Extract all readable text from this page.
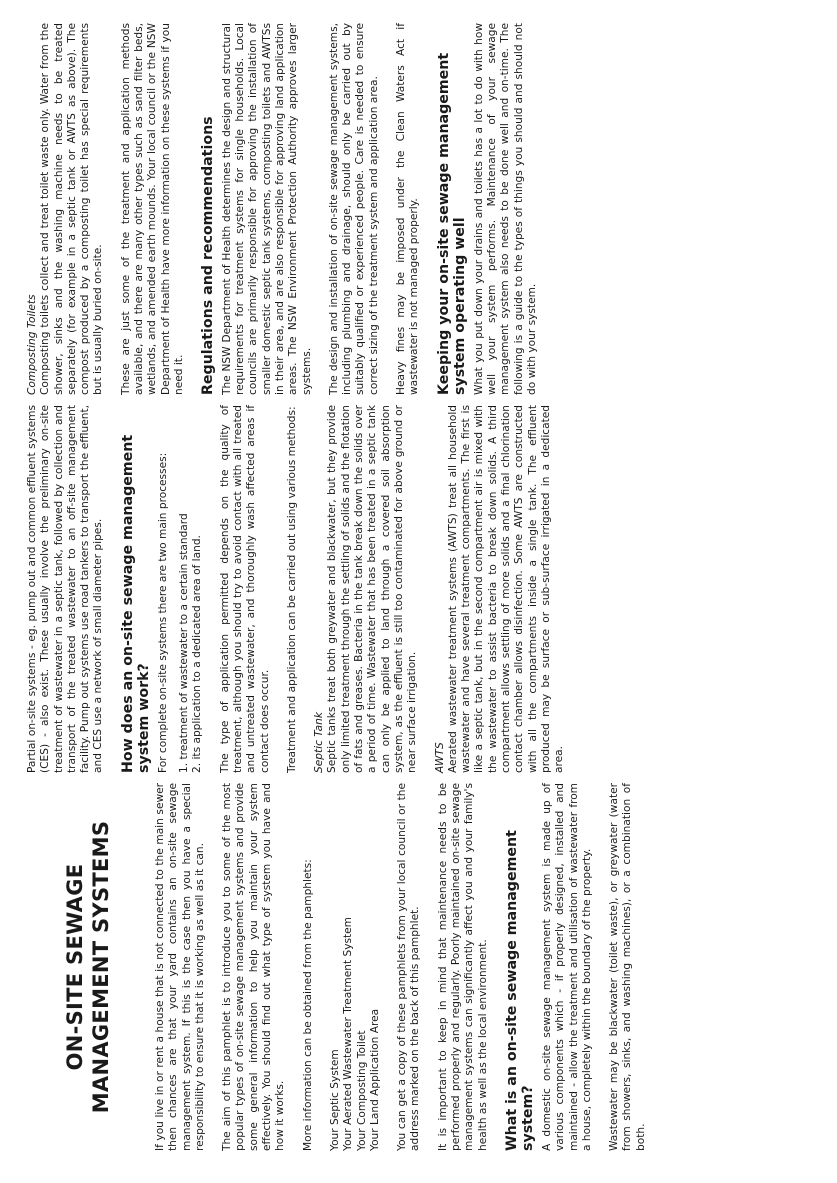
ON-SITE SEWAGE MANAGEMENT SYSTEMS	If you live in or rent a house that is not connected to the main sewer then chances are that your yard contains an on-site sewage management system. If this is the case then you have a special responsibility to ensure that it is working as well as it can. The aim of this pamphlet is to introduce you to some of the most popular types of on-site sewage management systems and provide some general information to help you maintain your system effectively. You should find out what type of system you have and how it works. More information can be obtained from the pamphlets: Your Septic System Your Aerated Wastewater Treatment System Your Composting Toilet Your Land Application Area You can get a copy of these pamphlets from your local council or the address marked on the back of this pamphlet. It is important to keep in mind that maintenance needs to be performed properly and regularly. Poorly maintained on-site sewage management systems can significantly affect you and your family's health as well as the local environment. What is an on-site sewage management system? A domestic on-site sewage management system is made up of various components which - if properly designed, installed and maintained - allow the treatment and utilisation of wastewater from a house, completely within the boundary of the property. Wastewater may be blackwater (toilet waste), or greywater (water from showers, sinks, and washing machines), or a combination of both.

Partial on-site systems - eg. pump out and common effluent systems (CES) - also exist. These usually involve the preliminary on-site treatment of wastewater in a septic tank, followed by collection and transport of the treated wastewater to an off-site management facility. Pump out systems use road tankers to transport the effluent, and CES use a network of small diameter pipes. How does an on-site sewage management system work? For complete on-site systems there are two main processes: 1. treatment of wastewater to a certain standard 2. its application to a dedicated area of land. The type of application permitted depends on the quality of treatment, although you should try to avoid contact with all treated and untreated wastewater, and thoroughly wash affected areas if contact does occur. Treatment and application can be carried out using various methods: Septic Tank Septic tanks treat both greywater and blackwater, but they provide only limited treatment through the settling of solids and the flotation of fats and greases. Bacteria in the tank break down the solids over a period of time. Wastewater that has been treated in a septic tank can only be applied to land through a covered soil absorption system, as the effluent is still too contaminated for above ground or near surface irrigation. AWTS Aerated wastewater treatment systems (AWTS) treat all household wastewater and have several treatment compartments. The first is like a septic tank, but in the second compartment air is mixed with the wastewater to assist bacteria to break down solids. A third compartment allows settling of more solids and a final chlorination contact chamber allows disinfection. Some AWTS are constructed with all the compartments inside a single tank. The effluent produced may be surface or sub-surface irrigated in a dedicated area.

Composting Toilets Composting toilets collect and treat toilet waste only. Water from the shower, sinks and the washing machine needs to be treated separately (for example in a septic tank or AWTS as above). The compost produced by a composting toilet has special requirements but is usually buried on-site. These are just some of the treatment and application methods available, and there are many other types such as sand filter beds, wetlands, and amended earth mounds. Your local council or the NSW Department of Health have more information on these systems if you need it. Regulations and recommendations The NSW Department of Health determines the design and structural requirements for treatment systems for single households. Local councils are primarily responsible for approving the installation of smaller domestic septic tank systems, composting toilets and AWTSs in their area, and are also responsible for approving land application areas. The NSW Environment Protection Authority approves larger systems. The design and installation of on-site sewage management systems, including plumbing and drainage, should only be carried out by suitably qualified or experienced people. Care is needed to ensure correct sizing of the treatment system and application area. Heavy fines may be imposed under the Clean Waters Act if wastewater is not managed properly. Keeping your on-site sewage management system operating well What you put down your drains and toilets has a lot to do with how well your system performs. Maintenance of your sewage management system also needs to be done well and on-time. The following is a guide to the types of things you should and should not do with your system.
